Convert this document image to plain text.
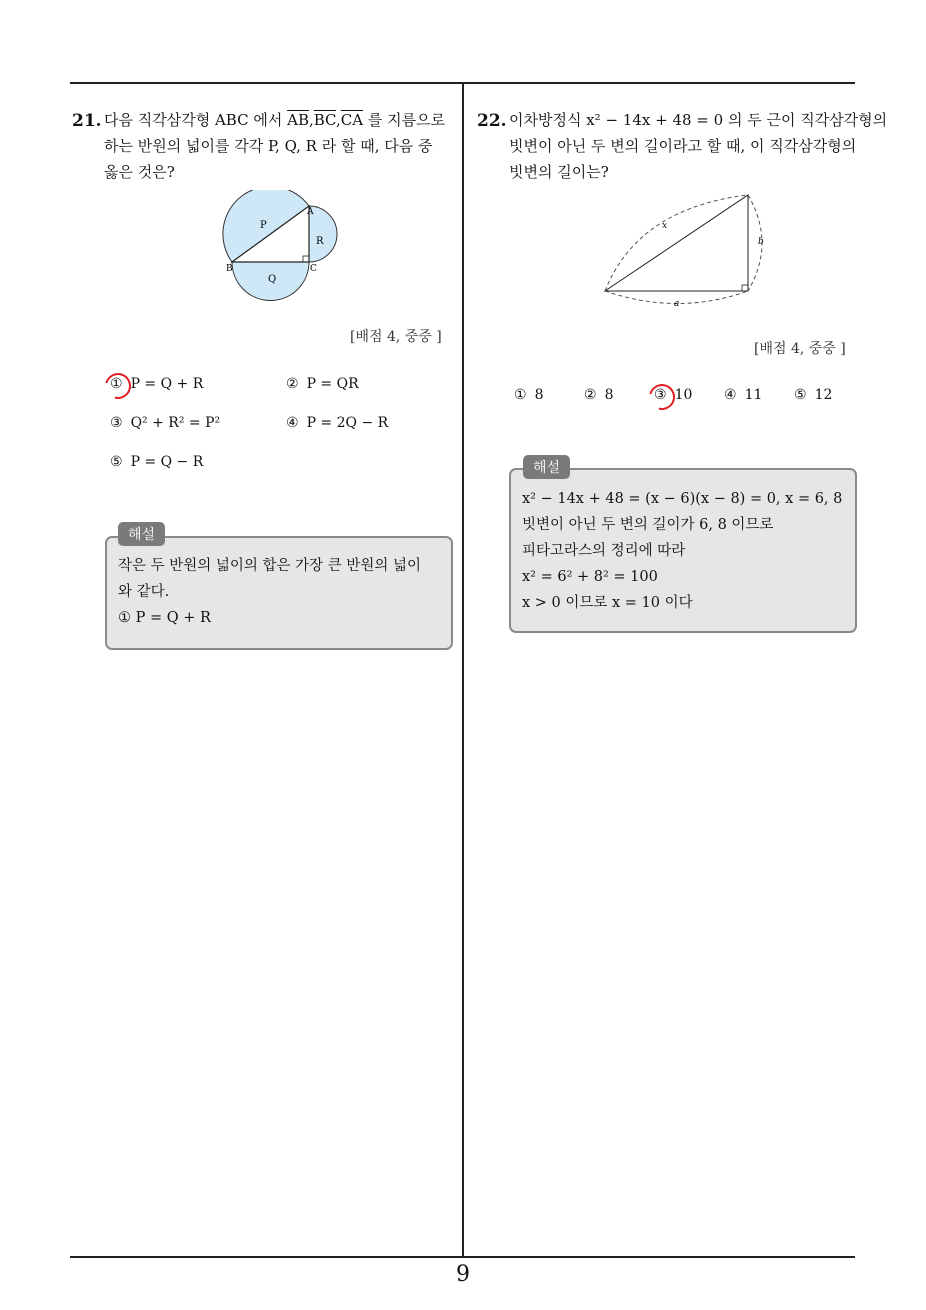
21. 다음 직각삼각형 ABC 에서 $\overline{AB},\overline{BC},\overline{CA}$ 를 지름으로
하는 반원의 넓이를 각각 P, Q, R 라 할 때, 다음 중
옳은 것은?
P
Q
R
A
B	C
[배점 4, 중중 ]
① P = Q + R	② P = QR
③ Q² + R² = P²	④ P = 2Q − R
⑤ P = Q − R
해설
작은 두 반원의 넓이의 합은 가장 큰 반원의 넓이
와 같다.
① P = Q + R
22. 이차방정식 x² − 14x + 48 = 0 의 두 근이 직각삼각형의
빗변이 아닌 두 변의 길이라고 할 때, 이 직각삼각형의
빗변의 길이는?
x
a
b
[배점 4, 중중 ]
① 8	② 8	③ 10 ④ 11 ⑤ 12
해설
x² − 14x + 48 = (x − 6)(x − 8) = 0, x = 6, 8
빗변이 아닌 두 변의 길이가 6, 8 이므로
피타고라스의 정리에 따라
x² = 6² + 8² = 100
x > 0 이므로 x = 10 이다
9
